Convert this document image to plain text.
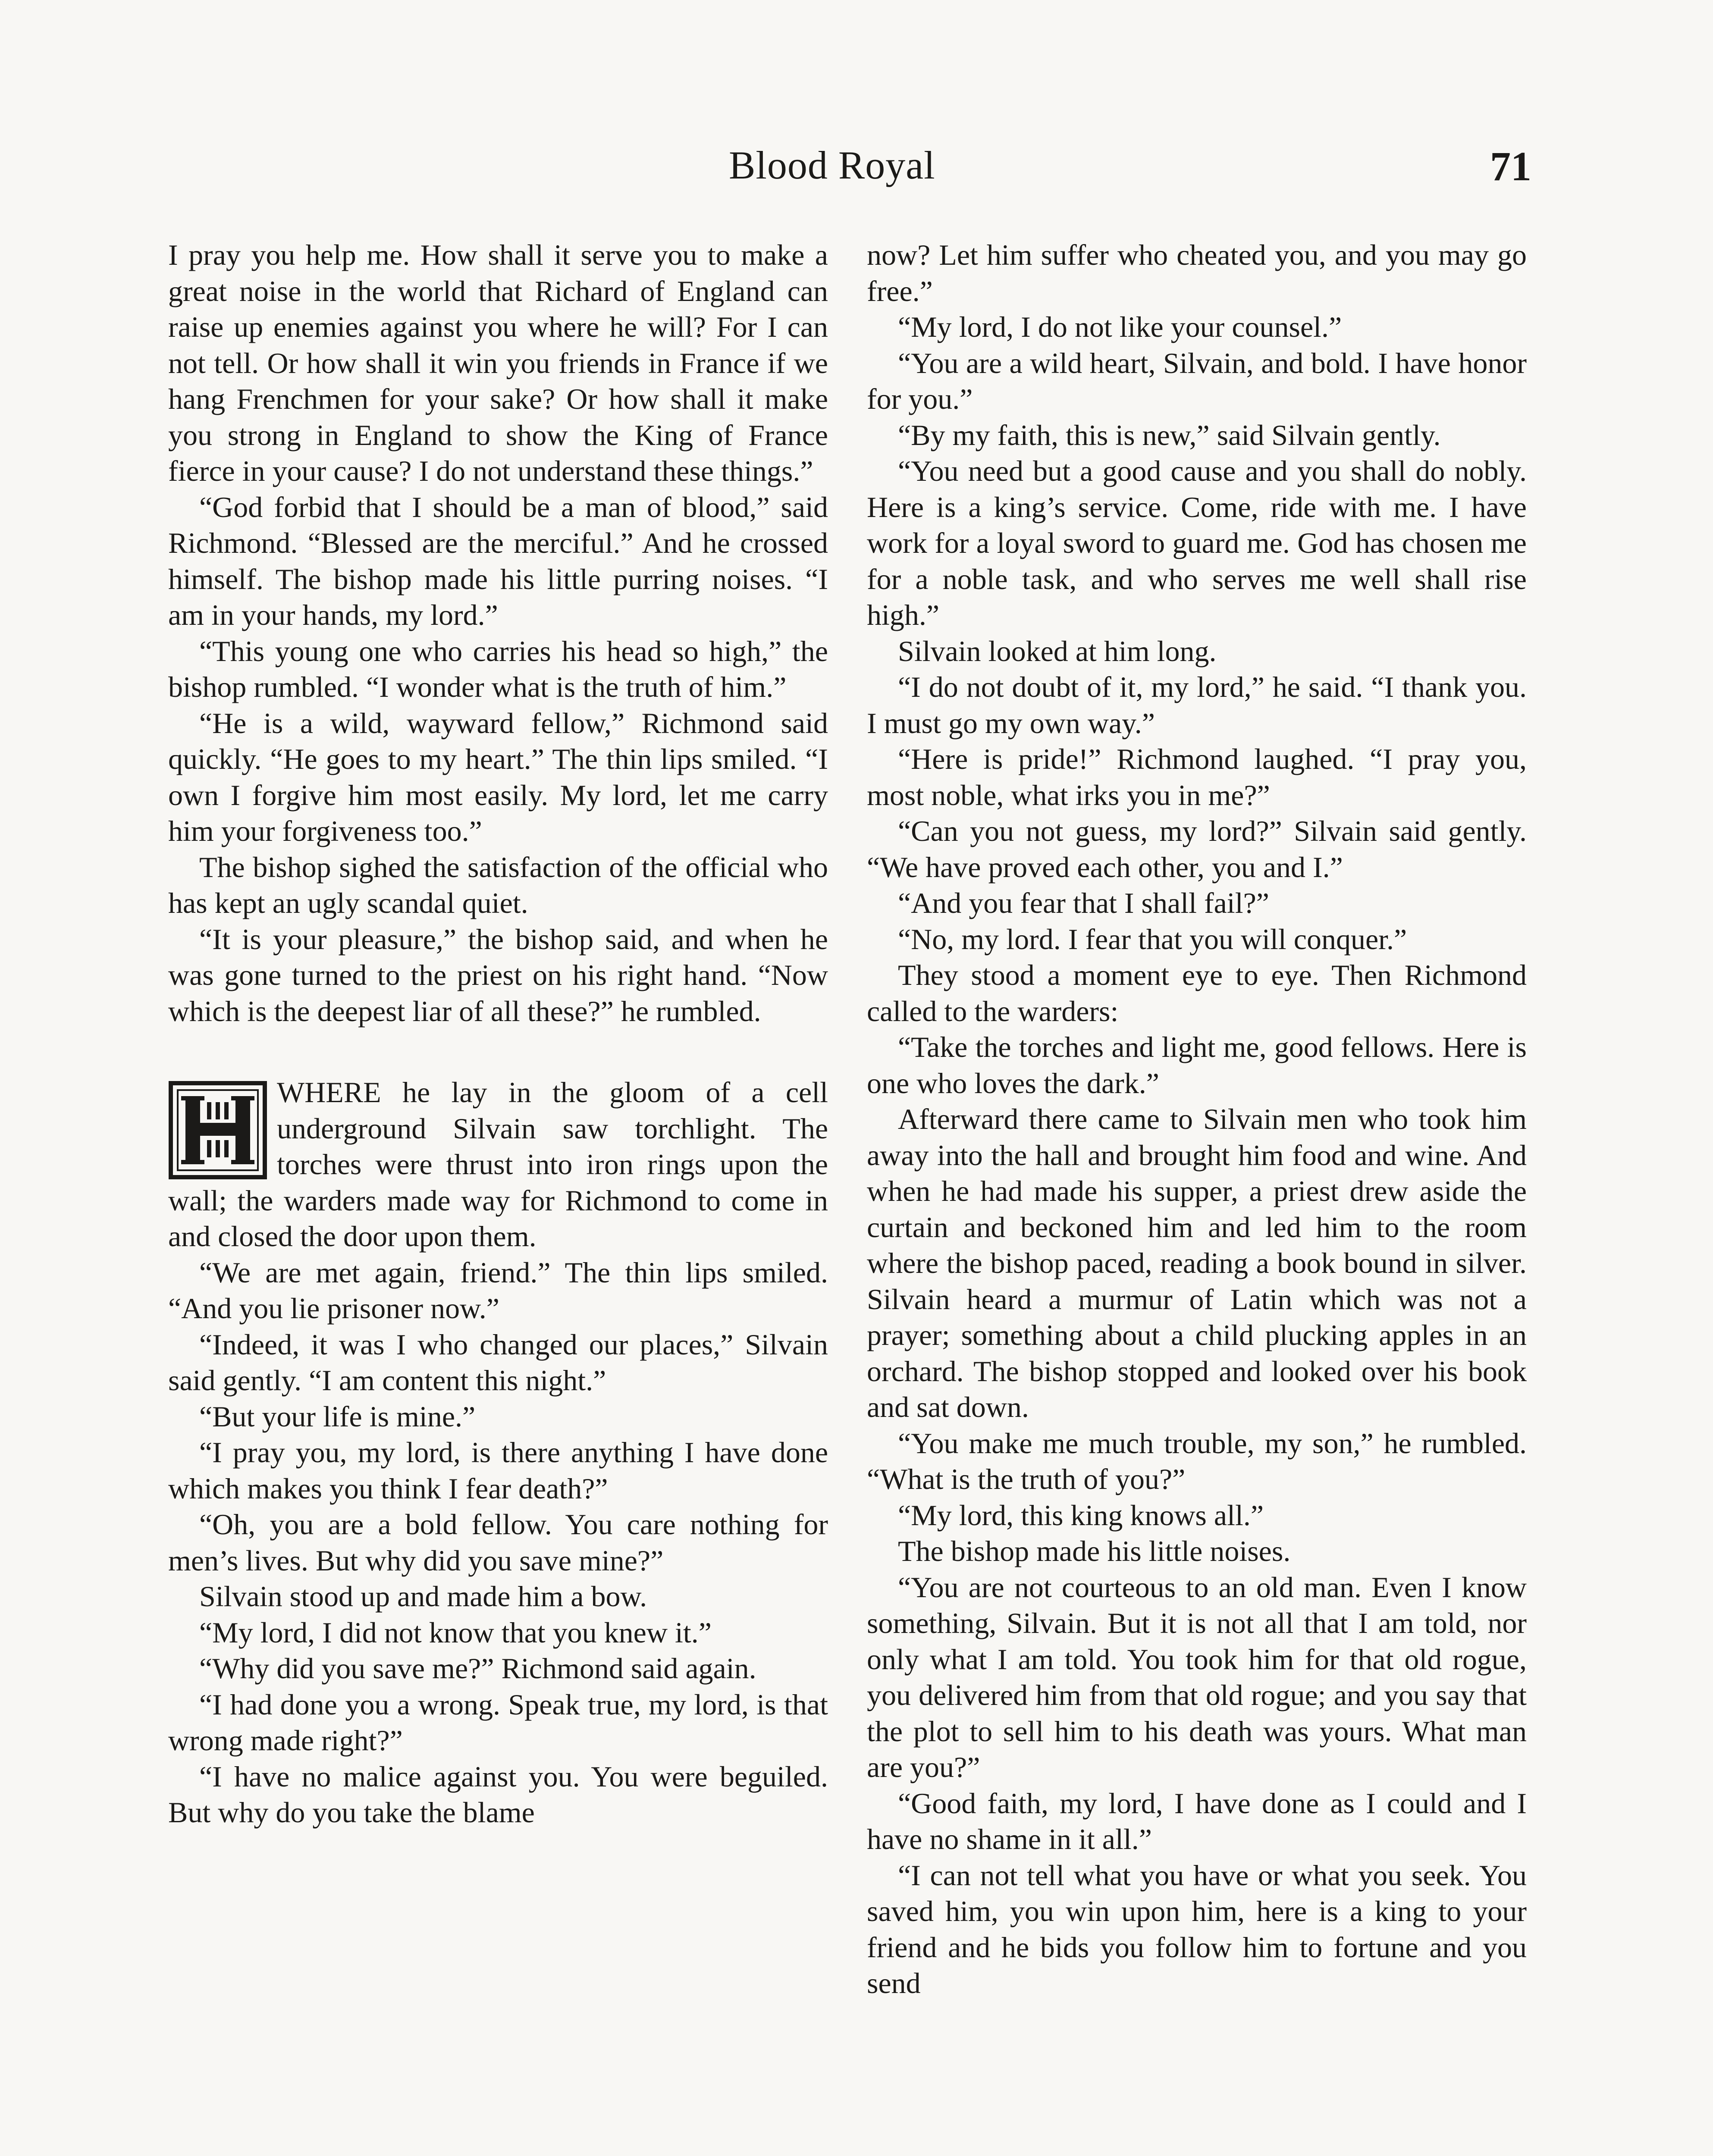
Blood Royal	71

I pray you help me. How shall it serve you to make a great noise in the world that Richard of England can raise up enemies against you where he will? For I can not tell. Or how shall it win you friends in France if we hang Frenchmen for your sake? Or how shall it make you strong in England to show the King of France fierce in your cause? I do not understand these things.”

“God forbid that I should be a man of blood,” said Richmond. “Blessed are the merciful.” And he crossed himself. The bishop made his little purring noises. “I am in your hands, my lord.”

“This young one who carries his head so high,” the bishop rumbled. “I wonder what is the truth of him.”

“He is a wild, wayward fellow,” Richmond said quickly. “He goes to my heart.” The thin lips smiled. “I own I forgive him most easily. My lord, let me carry him your forgiveness too.”

The bishop sighed the satisfaction of the official who has kept an ugly scandal quiet.

“It is your pleasure,” the bishop said, and when he was gone turned to the priest on his right hand. “Now which is the deepest liar of all these?” he rumbled.

WHERE he lay in the gloom of a cell underground Silvain saw torchlight. The torches were thrust into iron rings upon the wall; the warders made way for Richmond to come in and closed the door upon them.

“We are met again, friend.” The thin lips smiled. “And you lie prisoner now.”

“Indeed, it was I who changed our places,” Silvain said gently. “I am content this night.”

“But your life is mine.”

“I pray you, my lord, is there anything I have done which makes you think I fear death?”

“Oh, you are a bold fellow. You care nothing for men’s lives. But why did you save mine?”

Silvain stood up and made him a bow.

“My lord, I did not know that you knew it.”

“Why did you save me?” Richmond said again.

“I had done you a wrong. Speak true, my lord, is that wrong made right?”

“I have no malice against you. You were beguiled. But why do you take the blame

now? Let him suffer who cheated you, and you may go free.”

“My lord, I do not like your counsel.”

“You are a wild heart, Silvain, and bold. I have honor for you.”

“By my faith, this is new,” said Silvain gently.

“You need but a good cause and you shall do nobly. Here is a king’s service. Come, ride with me. I have work for a loyal sword to guard me. God has chosen me for a noble task, and who serves me well shall rise high.”

Silvain looked at him long.

“I do not doubt of it, my lord,” he said. “I thank you. I must go my own way.”

“Here is pride!” Richmond laughed. “I pray you, most noble, what irks you in me?”

“Can you not guess, my lord?” Silvain said gently. “We have proved each other, you and I.”

“And you fear that I shall fail?”

“No, my lord. I fear that you will conquer.”

They stood a moment eye to eye. Then Richmond called to the warders:

“Take the torches and light me, good fellows. Here is one who loves the dark.”

Afterward there came to Silvain men who took him away into the hall and brought him food and wine. And when he had made his supper, a priest drew aside the curtain and beckoned him and led him to the room where the bishop paced, reading a book bound in silver. Silvain heard a murmur of Latin which was not a prayer; something about a child plucking apples in an orchard. The bishop stopped and looked over his book and sat down.

“You make me much trouble, my son,” he rumbled. “What is the truth of you?”

“My lord, this king knows all.”

The bishop made his little noises.

“You are not courteous to an old man. Even I know something, Silvain. But it is not all that I am told, nor only what I am told. You took him for that old rogue, you delivered him from that old rogue; and you say that the plot to sell him to his death was yours. What man are you?”

“Good faith, my lord, I have done as I could and I have no shame in it all.”

“I can not tell what you have or what you seek. You saved him, you win upon him, here is a king to your friend and he bids you follow him to fortune and you send
